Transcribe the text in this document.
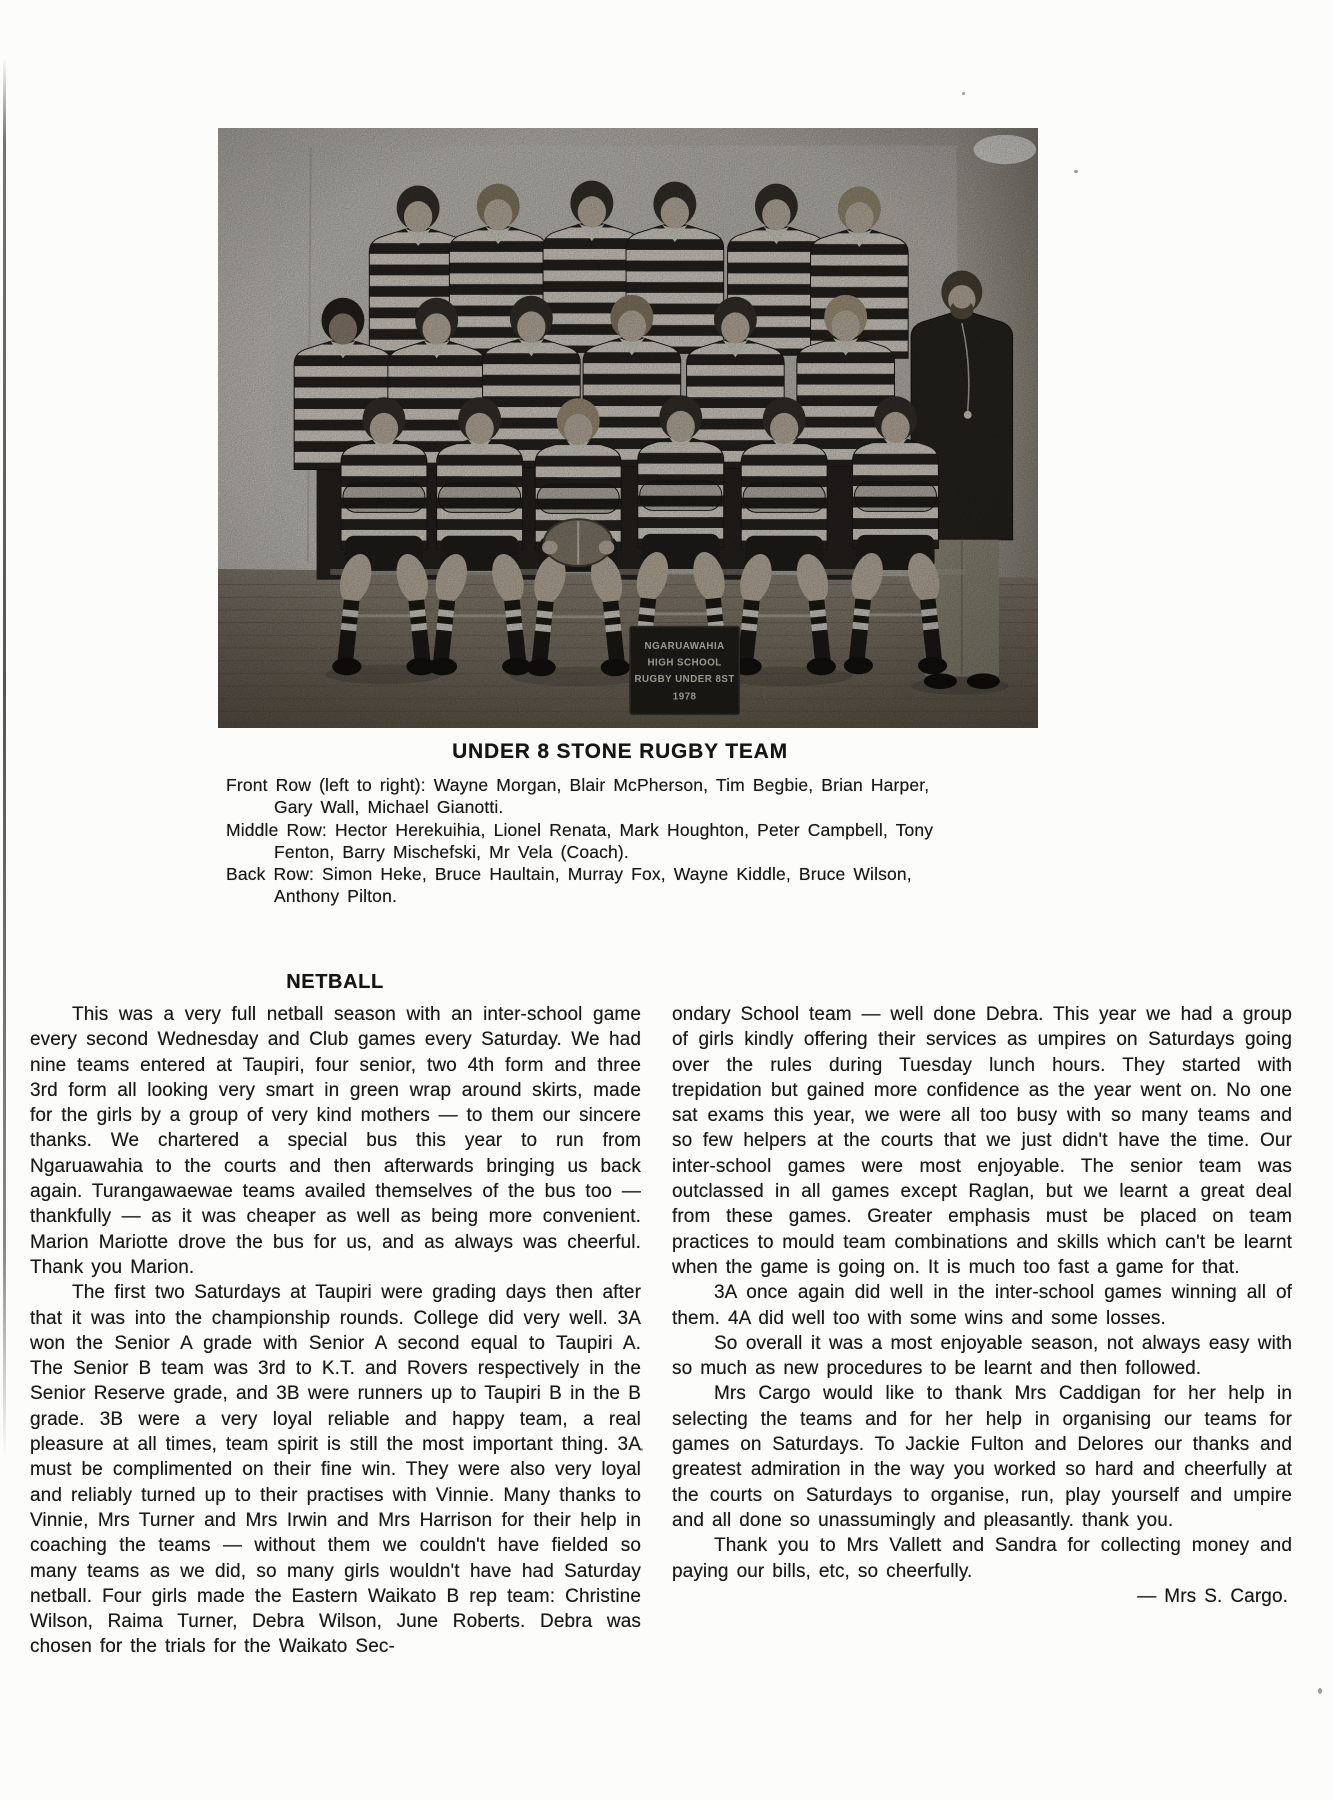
UNDER 8 STONE RUGBY TEAM
Front Row (left to right): Wayne Morgan, Blair McPherson, Tim Begbie, Brian Harper,
Gary Wall, Michael Gianotti.
Middle Row: Hector Herekuihia, Lionel Renata, Mark Houghton, Peter Campbell, Tony
Fenton, Barry Mischefski, Mr Vela (Coach).
Back Row: Simon Heke, Bruce Haultain, Murray Fox, Wayne Kiddle, Bruce Wilson,
Anthony Pilton.
NETBALL

This was a very full netball season with an inter-school game every second Wednesday and Club games every Saturday. We had nine teams entered at Taupiri, four senior, two 4th form and three 3rd form all looking very smart in green wrap around skirts, made for the girls by a group of very kind mothers — to them our sincere thanks. We chartered a special bus this year to run from Ngaruawahia to the courts and then afterwards bringing us back again. Turangawaewae teams availed themselves of the bus too — thankfully — as it was cheaper as well as being more convenient. Marion Mariotte drove the bus for us, and as always was cheerful. Thank you Marion.

The first two Saturdays at Taupiri were grading days then after that it was into the championship rounds. College did very well. 3A won the Senior A grade with Senior A second equal to Taupiri A. The Senior B team was 3rd to K.T. and Rovers respectively in the Senior Reserve grade, and 3B were runners up to Taupiri B in the B grade. 3B were a very loyal reliable and happy team, a real pleasure at all times, team spirit is still the most important thing. 3A must be complimented on their fine win. They were also very loyal and reliably turned up to their practises with Vinnie. Many thanks to Vinnie, Mrs Turner and Mrs Irwin and Mrs Harrison for their help in coaching the teams — without them we couldn't have fielded so many teams as we did, so many girls wouldn't have had Saturday netball. Four girls made the Eastern Waikato B rep team: Christine Wilson, Raima Turner, Debra Wilson, June Roberts. Debra was chosen for the trials for the Waikato Sec-

ondary School team — well done Debra. This year we had a group of girls kindly offering their services as umpires on Saturdays going over the rules during Tuesday lunch hours. They started with trepidation but gained more confidence as the year went on. No one sat exams this year, we were all too busy with so many teams and so few helpers at the courts that we just didn't have the time. Our inter-school games were most enjoyable. The senior team was outclassed in all games except Raglan, but we learnt a great deal from these games. Greater emphasis must be placed on team practices to mould team combinations and skills which can't be learnt when the game is going on. It is much too fast a game for that.

3A once again did well in the inter-school games winning all of them. 4A did well too with some wins and some losses.

So overall it was a most enjoyable season, not always easy with so much as new procedures to be learnt and then followed.

Mrs Cargo would like to thank Mrs Caddigan for her help in selecting the teams and for her help in organising our teams for games on Saturdays. To Jackie Fulton and Delores our thanks and greatest admiration in the way you worked so hard and cheerfully at the courts on Saturdays to organise, run, play yourself and umpire and all done so unassumingly and pleasantly. thank you.

Thank you to Mrs Vallett and Sandra for collecting money and paying our bills, etc, so cheerfully.

— Mrs S. Cargo.
